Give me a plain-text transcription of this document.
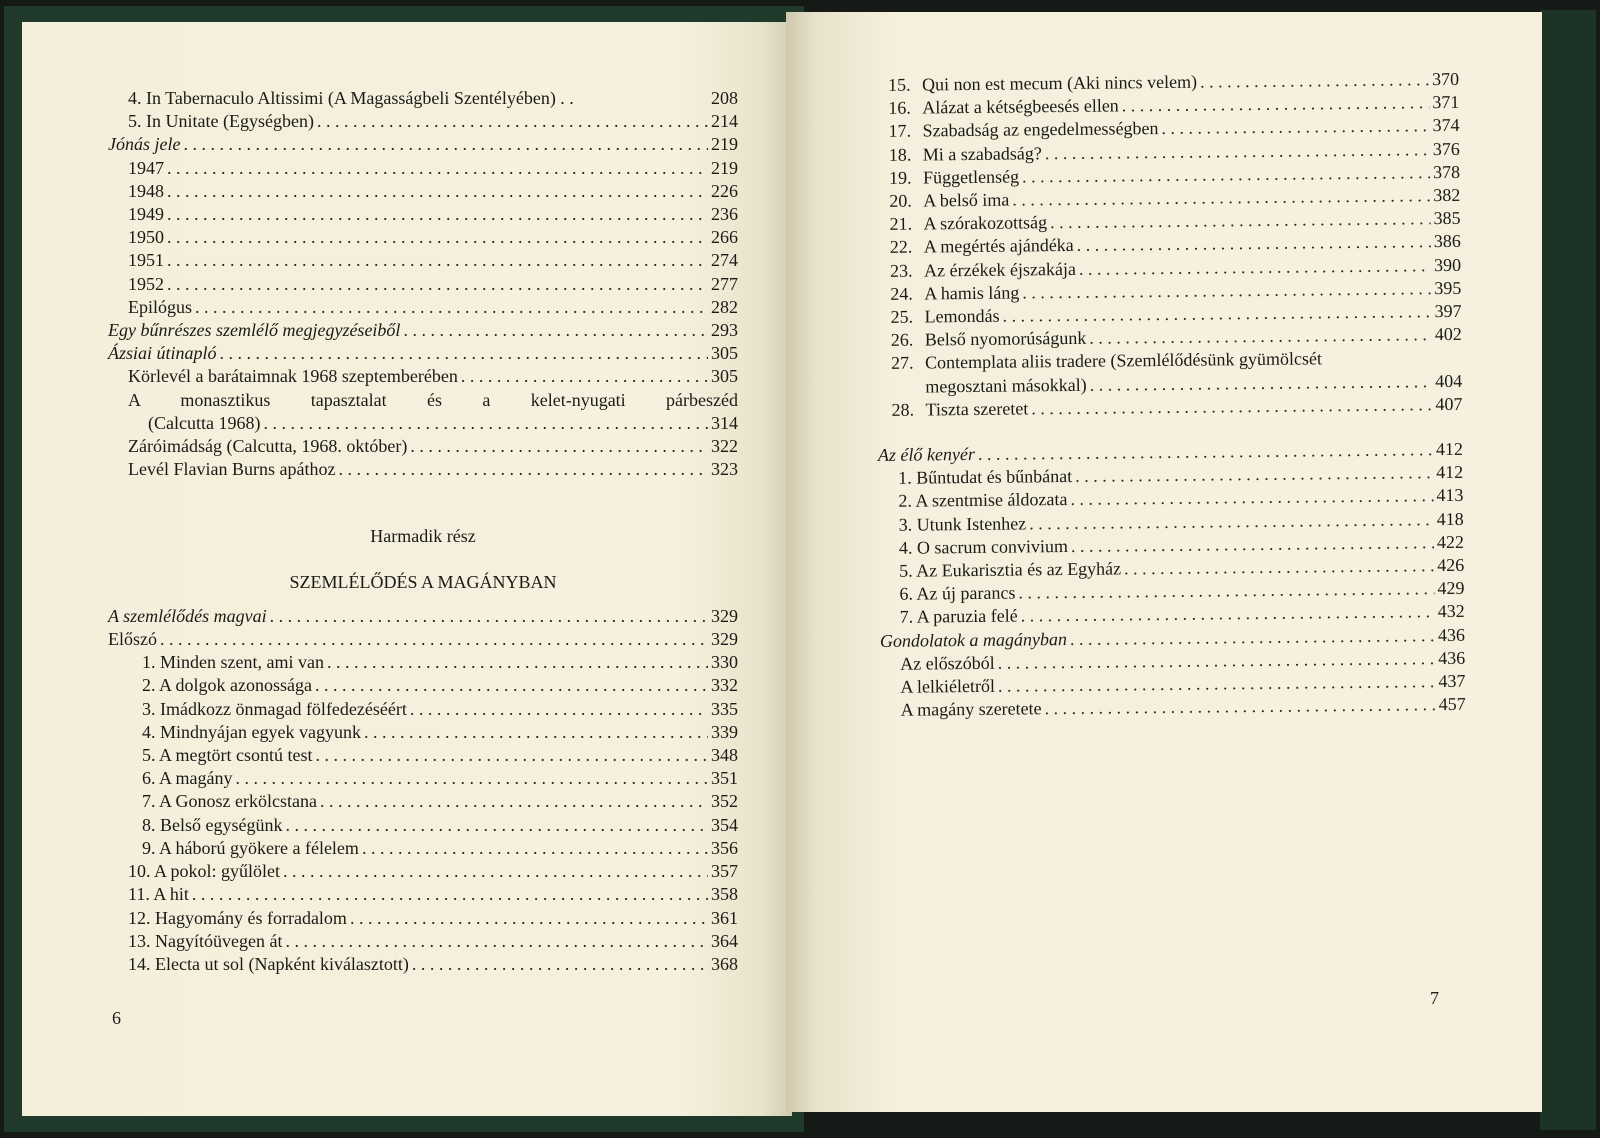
4. In Tabernaculo Altissimi (A Magasságbeli Szentélyében) . .	208
5. In Unitate (Egységben) . . .	214
Jónás jele . . .	219
1947 . . .	219
1948 . . .	226
1949 . . .	236
1950 . . .	266
1951 . . .	274
1952 . . .	277
Epilógus . . .	282
Egy bűnrészes szemlélő megjegyzéseiből . . .	293
Ázsiai útinapló . . .	305
Körlevél a barátaimnak 1968 szeptemberében . . .	305
A monasztikus tapasztalat és a kelet-nyugati párbeszéd
(Calcutta 1968) . . .	314
Záróimádság (Calcutta, 1968. október) . . .	322
Levél Flavian Burns apáthoz . . .	323

Harmadik rész

SZEMLÉLŐDÉS A MAGÁNYBAN

A szemlélődés magvai . . .	329
Előszó . . .	329
1. Minden szent, ami van . . .	330
2. A dolgok azonossága . . .	332
3. Imádkozz önmagad fölfedezéséért . . .	335
4. Mindnyájan egyek vagyunk . . .	339
5. A megtört csontú test . . .	348
6. A magány . . .	351
7. A Gonosz erkölcstana . . .	352
8. Belső egységünk . . .	354
9. A háború gyökere a félelem . . .	356
10. A pokol: gyűlölet . . .	357
11. A hit . . .	358
12. Hagyomány és forradalom . . .	361
13. Nagyítóüvegen át . . .	364
14. Electa ut sol (Napként kiválasztott) . . .	368
6
15. Qui non est mecum (Aki nincs velem) . . .	370
16. Alázat a kétségbeesés ellen . . .	371
17. Szabadság az engedelmességben . . .	374
18. Mi a szabadság? . . .	376
19. Függetlenség . . .	378
20. A belső ima . . .	382
21. A szórakozottság . . .	385
22. A megértés ajándéka . . .	386
23. Az érzékek éjszakája . . .	390
24. A hamis láng . . .	395
25. Lemondás . . .	397
26. Belső nyomorúságunk . . .	402
27. Contemplata aliis tradere (Szemlélődésünk gyümölcsét
megosztani másokkal) . . .	404
28. Tiszta szeretet . . .	407
Az élő kenyér . . .	412
1. Bűntudat és bűnbánat . . .	412
2. A szentmise áldozata . . .	413
3. Utunk Istenhez . . .	418
4. O sacrum convivium . . .	422
5. Az Eukarisztia és az Egyház . . .	426
6. Az új parancs . . .	429
7. A paruzia felé . . .	432
Gondolatok a magányban . . .	436
Az előszóból . . .	436
A lelkiéletről . . .	437
A magány szeretete . . .	457
7
